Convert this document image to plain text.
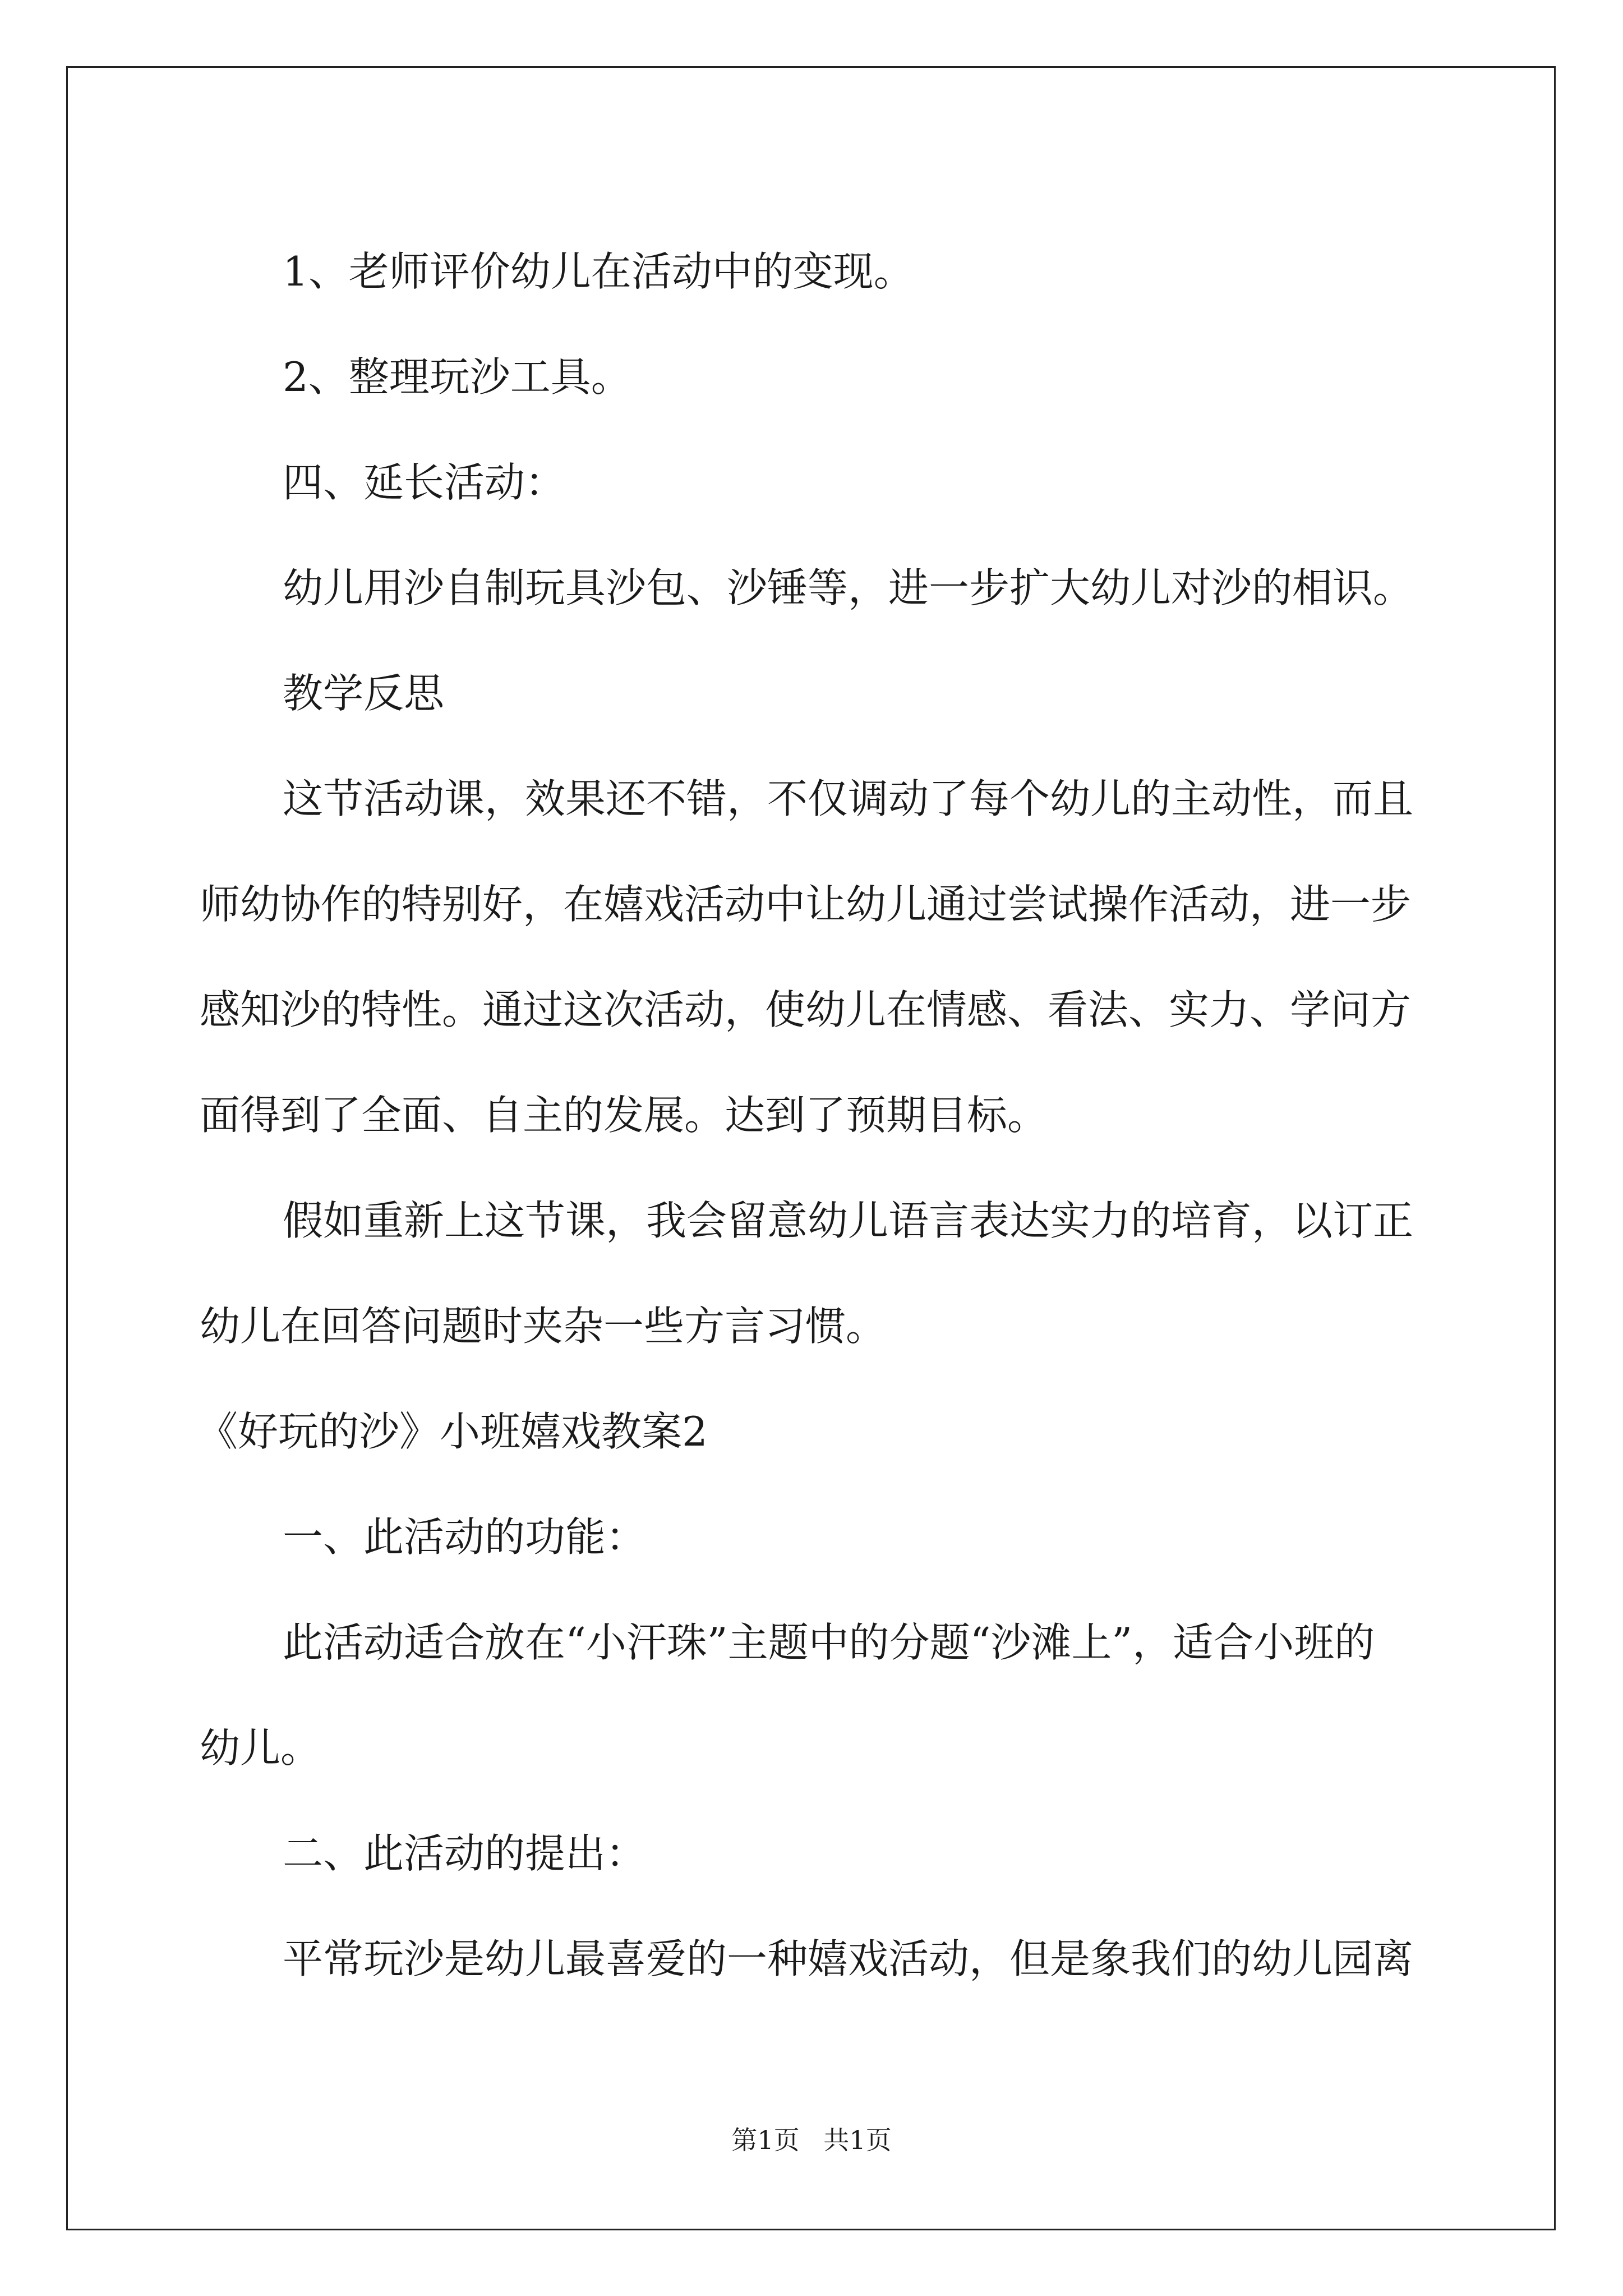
1、老师评价幼儿在活动中的变现。

2、整理玩沙工具。

四、延长活动：

幼儿用沙自制玩具沙包、沙锤等，进一步扩大幼儿对沙的相识。

教学反思

这节活动课，效果还不错，不仅调动了每个幼儿的主动性，而且

师幼协作的特别好，在嬉戏活动中让幼儿通过尝试操作活动，进一步

感知沙的特性。通过这次活动，使幼儿在情感、看法、实力、学问方

面得到了全面、自主的发展。达到了预期目标。

假如重新上这节课，我会留意幼儿语言表达实力的培育，以订正

幼儿在回答问题时夹杂一些方言习惯。

《好玩的沙》小班嬉戏教案2

一、此活动的功能：

此活动适合放在“小汗珠”主题中的分题“沙滩上”，适合小班的

幼儿。

二、此活动的提出：

平常玩沙是幼儿最喜爱的一种嬉戏活动，但是象我们的幼儿园离

第1页 共1页
